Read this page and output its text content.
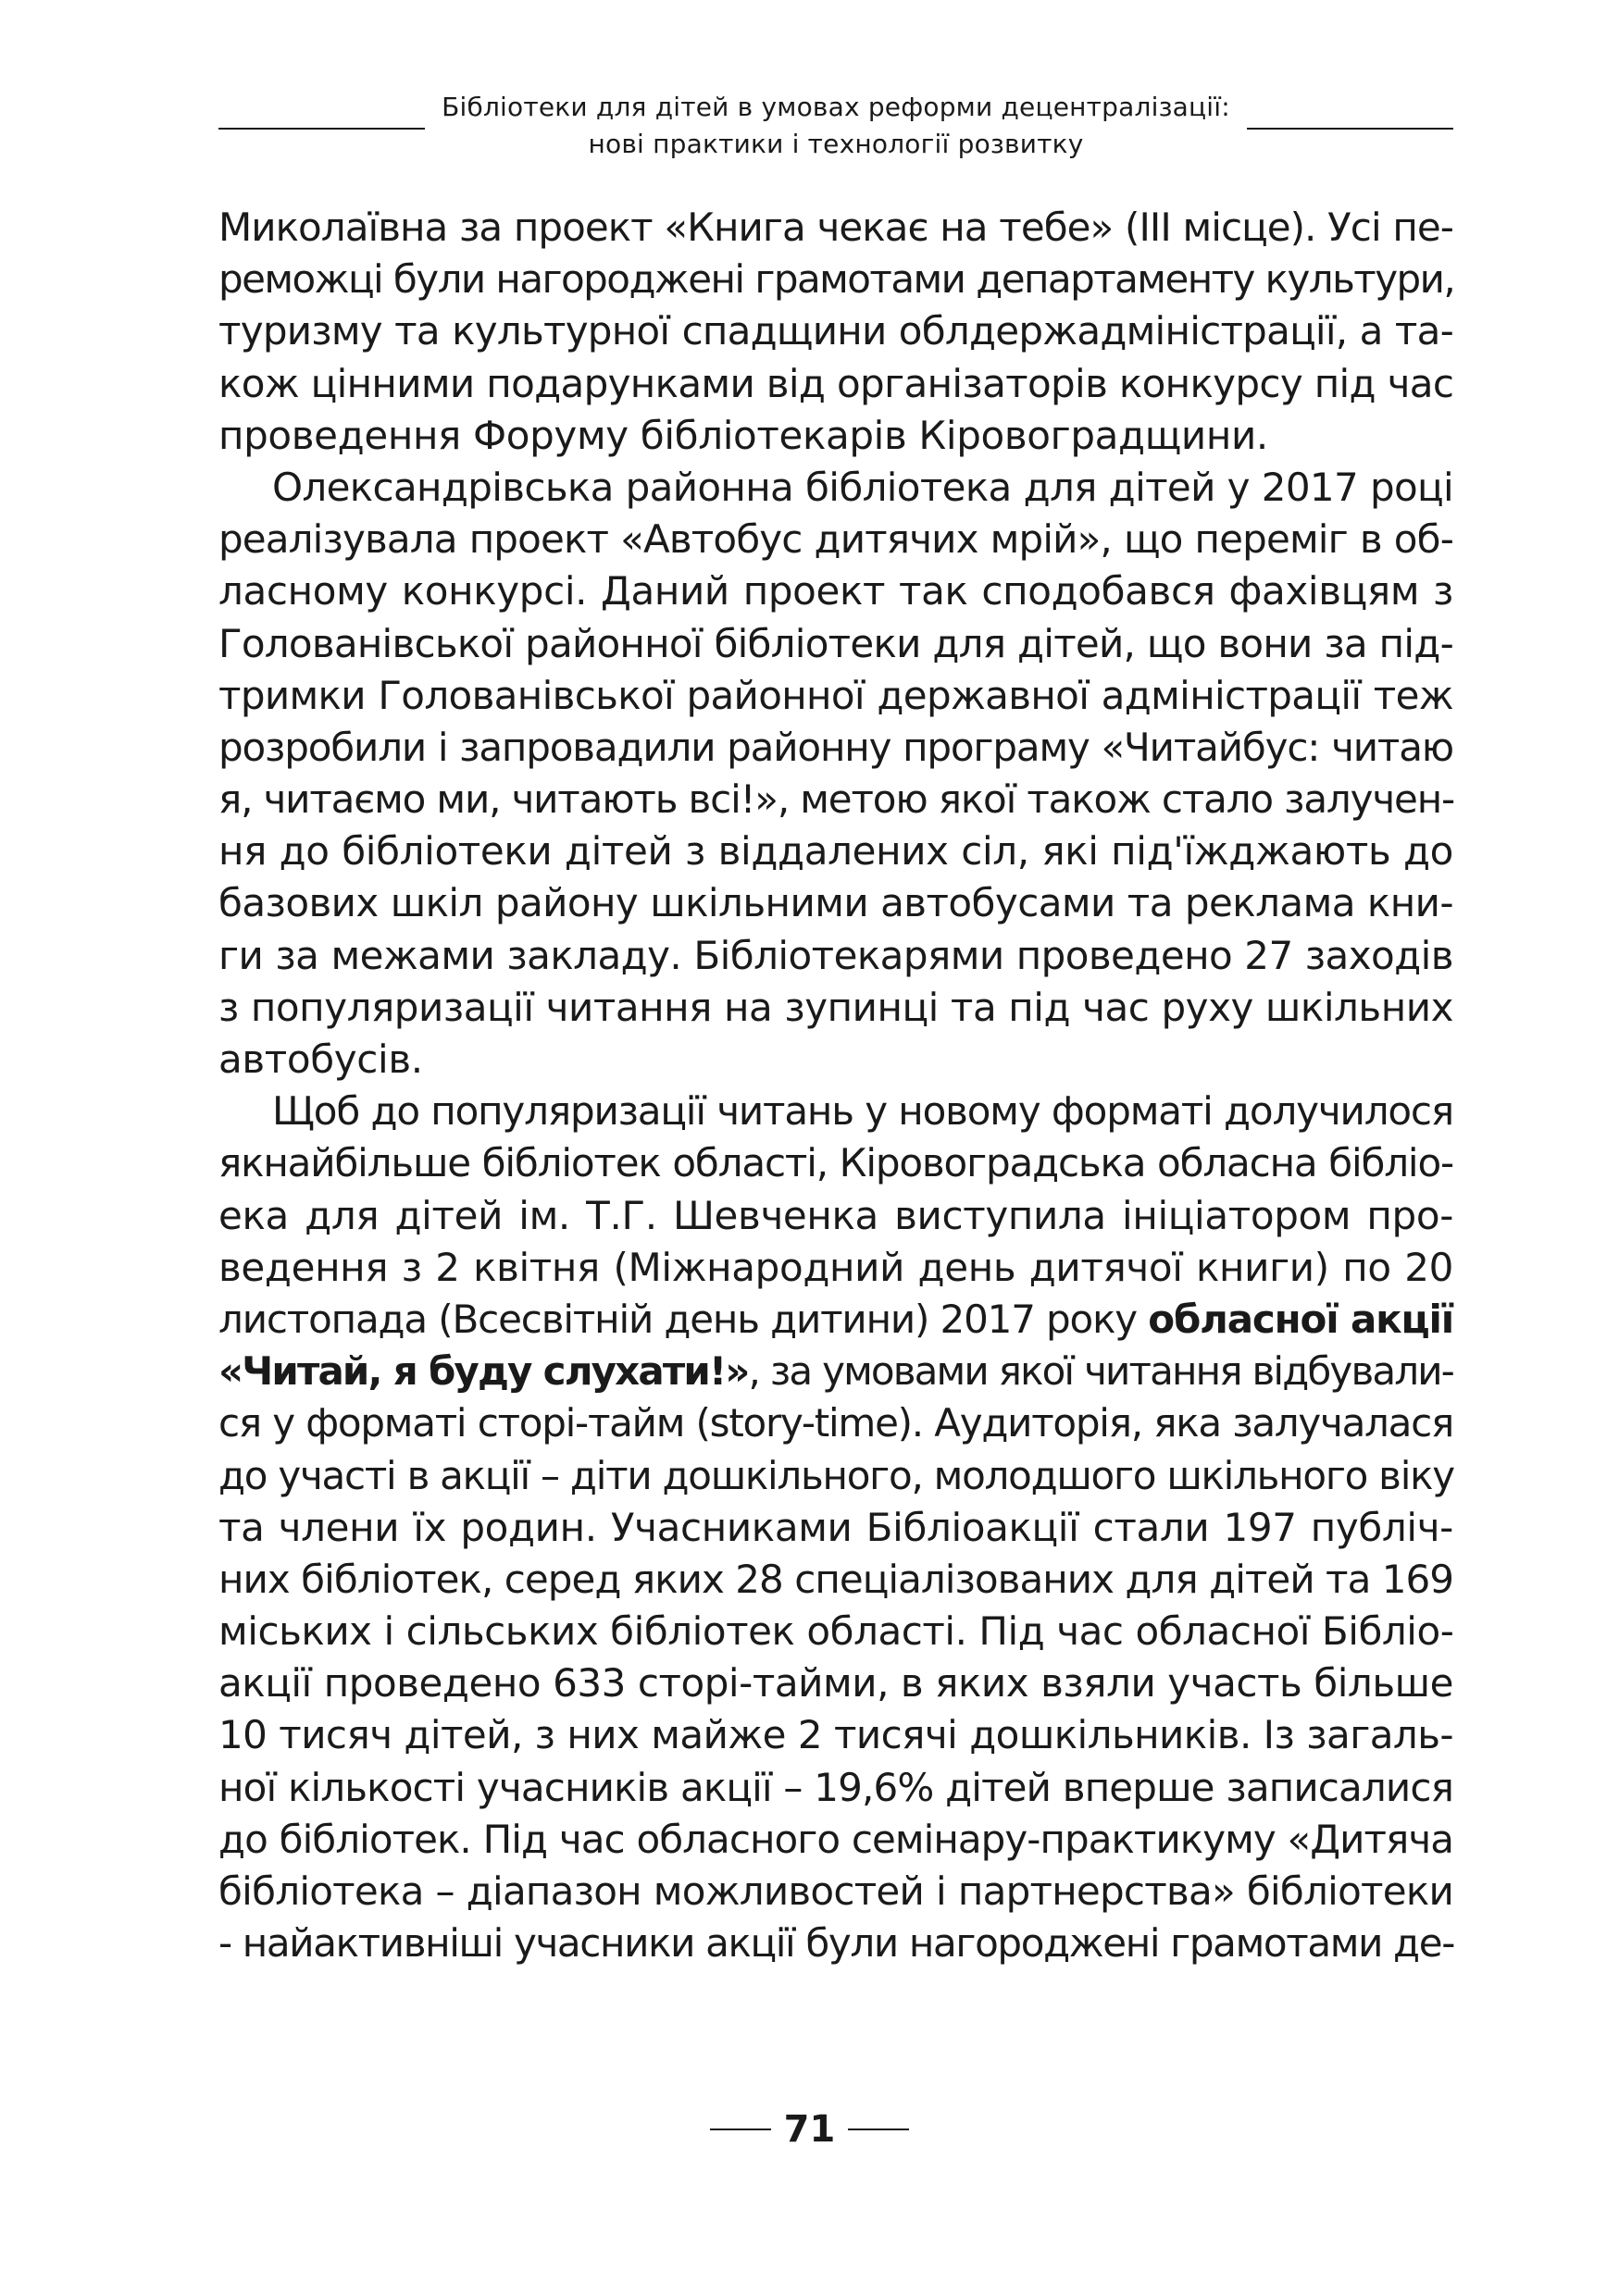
Бібліотеки для дітей в умовах реформи децентралізації:
нові практики і технології розвитку
Миколаївна за проект «Книга чекає на тебе» (ІІІ місце). Усі пе-
реможці були нагороджені грамотами департаменту культури,
туризму та культурної спадщини облдержадміністрації, а та-
кож цінними подарунками від організаторів конкурсу під час
проведення Форуму бібліотекарів Кіровоградщини.
Олександрівська районна бібліотека для дітей у 2017 році
реалізувала проект «Автобус дитячих мрій», що переміг в об-
ласному конкурсі. Даний проект так сподобався фахівцям з
Голованівської районної бібліотеки для дітей, що вони за під-
тримки Голованівської районної державної адміністрації теж
розробили і запровадили районну програму «Читайбус: читаю
я, читаємо ми, читають всі!», метою якої також стало залучен-
ня до бібліотеки дітей з віддалених сіл, які під'їжджають до
базових шкіл району шкільними автобусами та реклама кни-
ги за межами закладу. Бібліотекарями проведено 27 заходів
з популяризації читання на зупинці та під час руху шкільних
автобусів.
Щоб до популяризації читань у новому форматі долучилося
якнайбільше бібліотек області, Кіровоградська обласна бібліо-
ека для дітей ім. Т.Г. Шевченка виступила ініціатором про-
ведення з 2 квітня (Міжнародний день дитячої книги) по 20
листопада (Всесвітній день дитини) 2017 року обласної акції
«Читай, я буду слухати!», за умовами якої читання відбували-
ся у форматі сторі-тайм (story-time). Аудиторія, яка залучалася
до участі в акції – діти дошкільного, молодшого шкільного віку
та члени їх родин. Учасниками Бібліоакції стали 197 публіч-
них бібліотек, серед яких 28 спеціалізованих для дітей та 169
міських і сільських бібліотек області. Під час обласної Бібліо-
акції проведено 633 сторі-тайми, в яких взяли участь більше
10 тисяч дітей, з них майже 2 тисячі дошкільників. Із загаль-
ної кількості учасників акції – 19,6% дітей вперше записалися
до бібліотек. Під час обласного семінару-практикуму «Дитяча
бібліотека – діапазон можливостей і партнерства» бібліотеки
- найактивніші учасники акції були нагороджені грамотами де-
71
